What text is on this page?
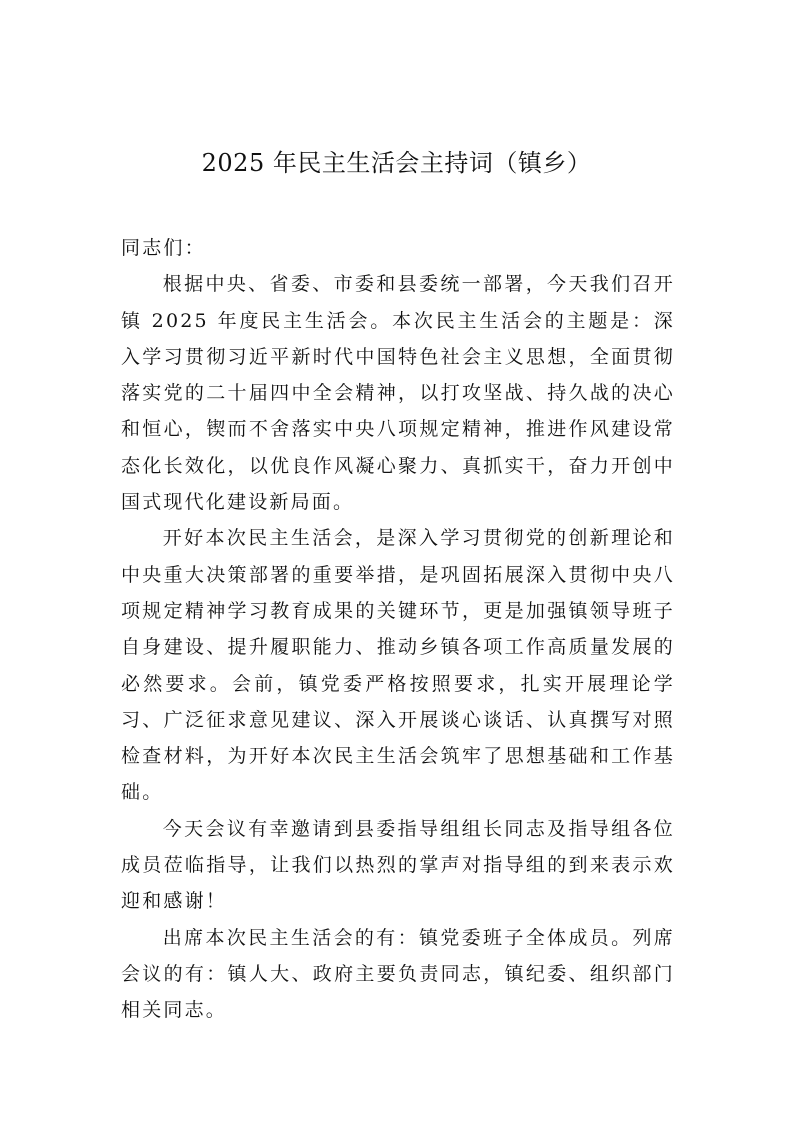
2025 年民主生活会主持词（镇乡）

同志们：

根据中央、省委、市委和县委统一部署，今天我们召开镇 2025 年度民主生活会。本次民主生活会的主题是：深入学习贯彻习近平新时代中国特色社会主义思想，全面贯彻落实党的二十届四中全会精神，以打攻坚战、持久战的决心和恒心，锲而不舍落实中央八项规定精神，推进作风建设常态化长效化，以优良作风凝心聚力、真抓实干，奋力开创中国式现代化建设新局面。

开好本次民主生活会，是深入学习贯彻党的创新理论和中央重大决策部署的重要举措，是巩固拓展深入贯彻中央八项规定精神学习教育成果的关键环节，更是加强镇领导班子自身建设、提升履职能力、推动乡镇各项工作高质量发展的必然要求。会前，镇党委严格按照要求，扎实开展理论学习、广泛征求意见建议、深入开展谈心谈话、认真撰写对照检查材料，为开好本次民主生活会筑牢了思想基础和工作基础。

今天会议有幸邀请到县委指导组组长同志及指导组各位成员莅临指导，让我们以热烈的掌声对指导组的到来表示欢迎和感谢！

出席本次民主生活会的有：镇党委班子全体成员。列席会议的有：镇人大、政府主要负责同志，镇纪委、组织部门相关同志。
